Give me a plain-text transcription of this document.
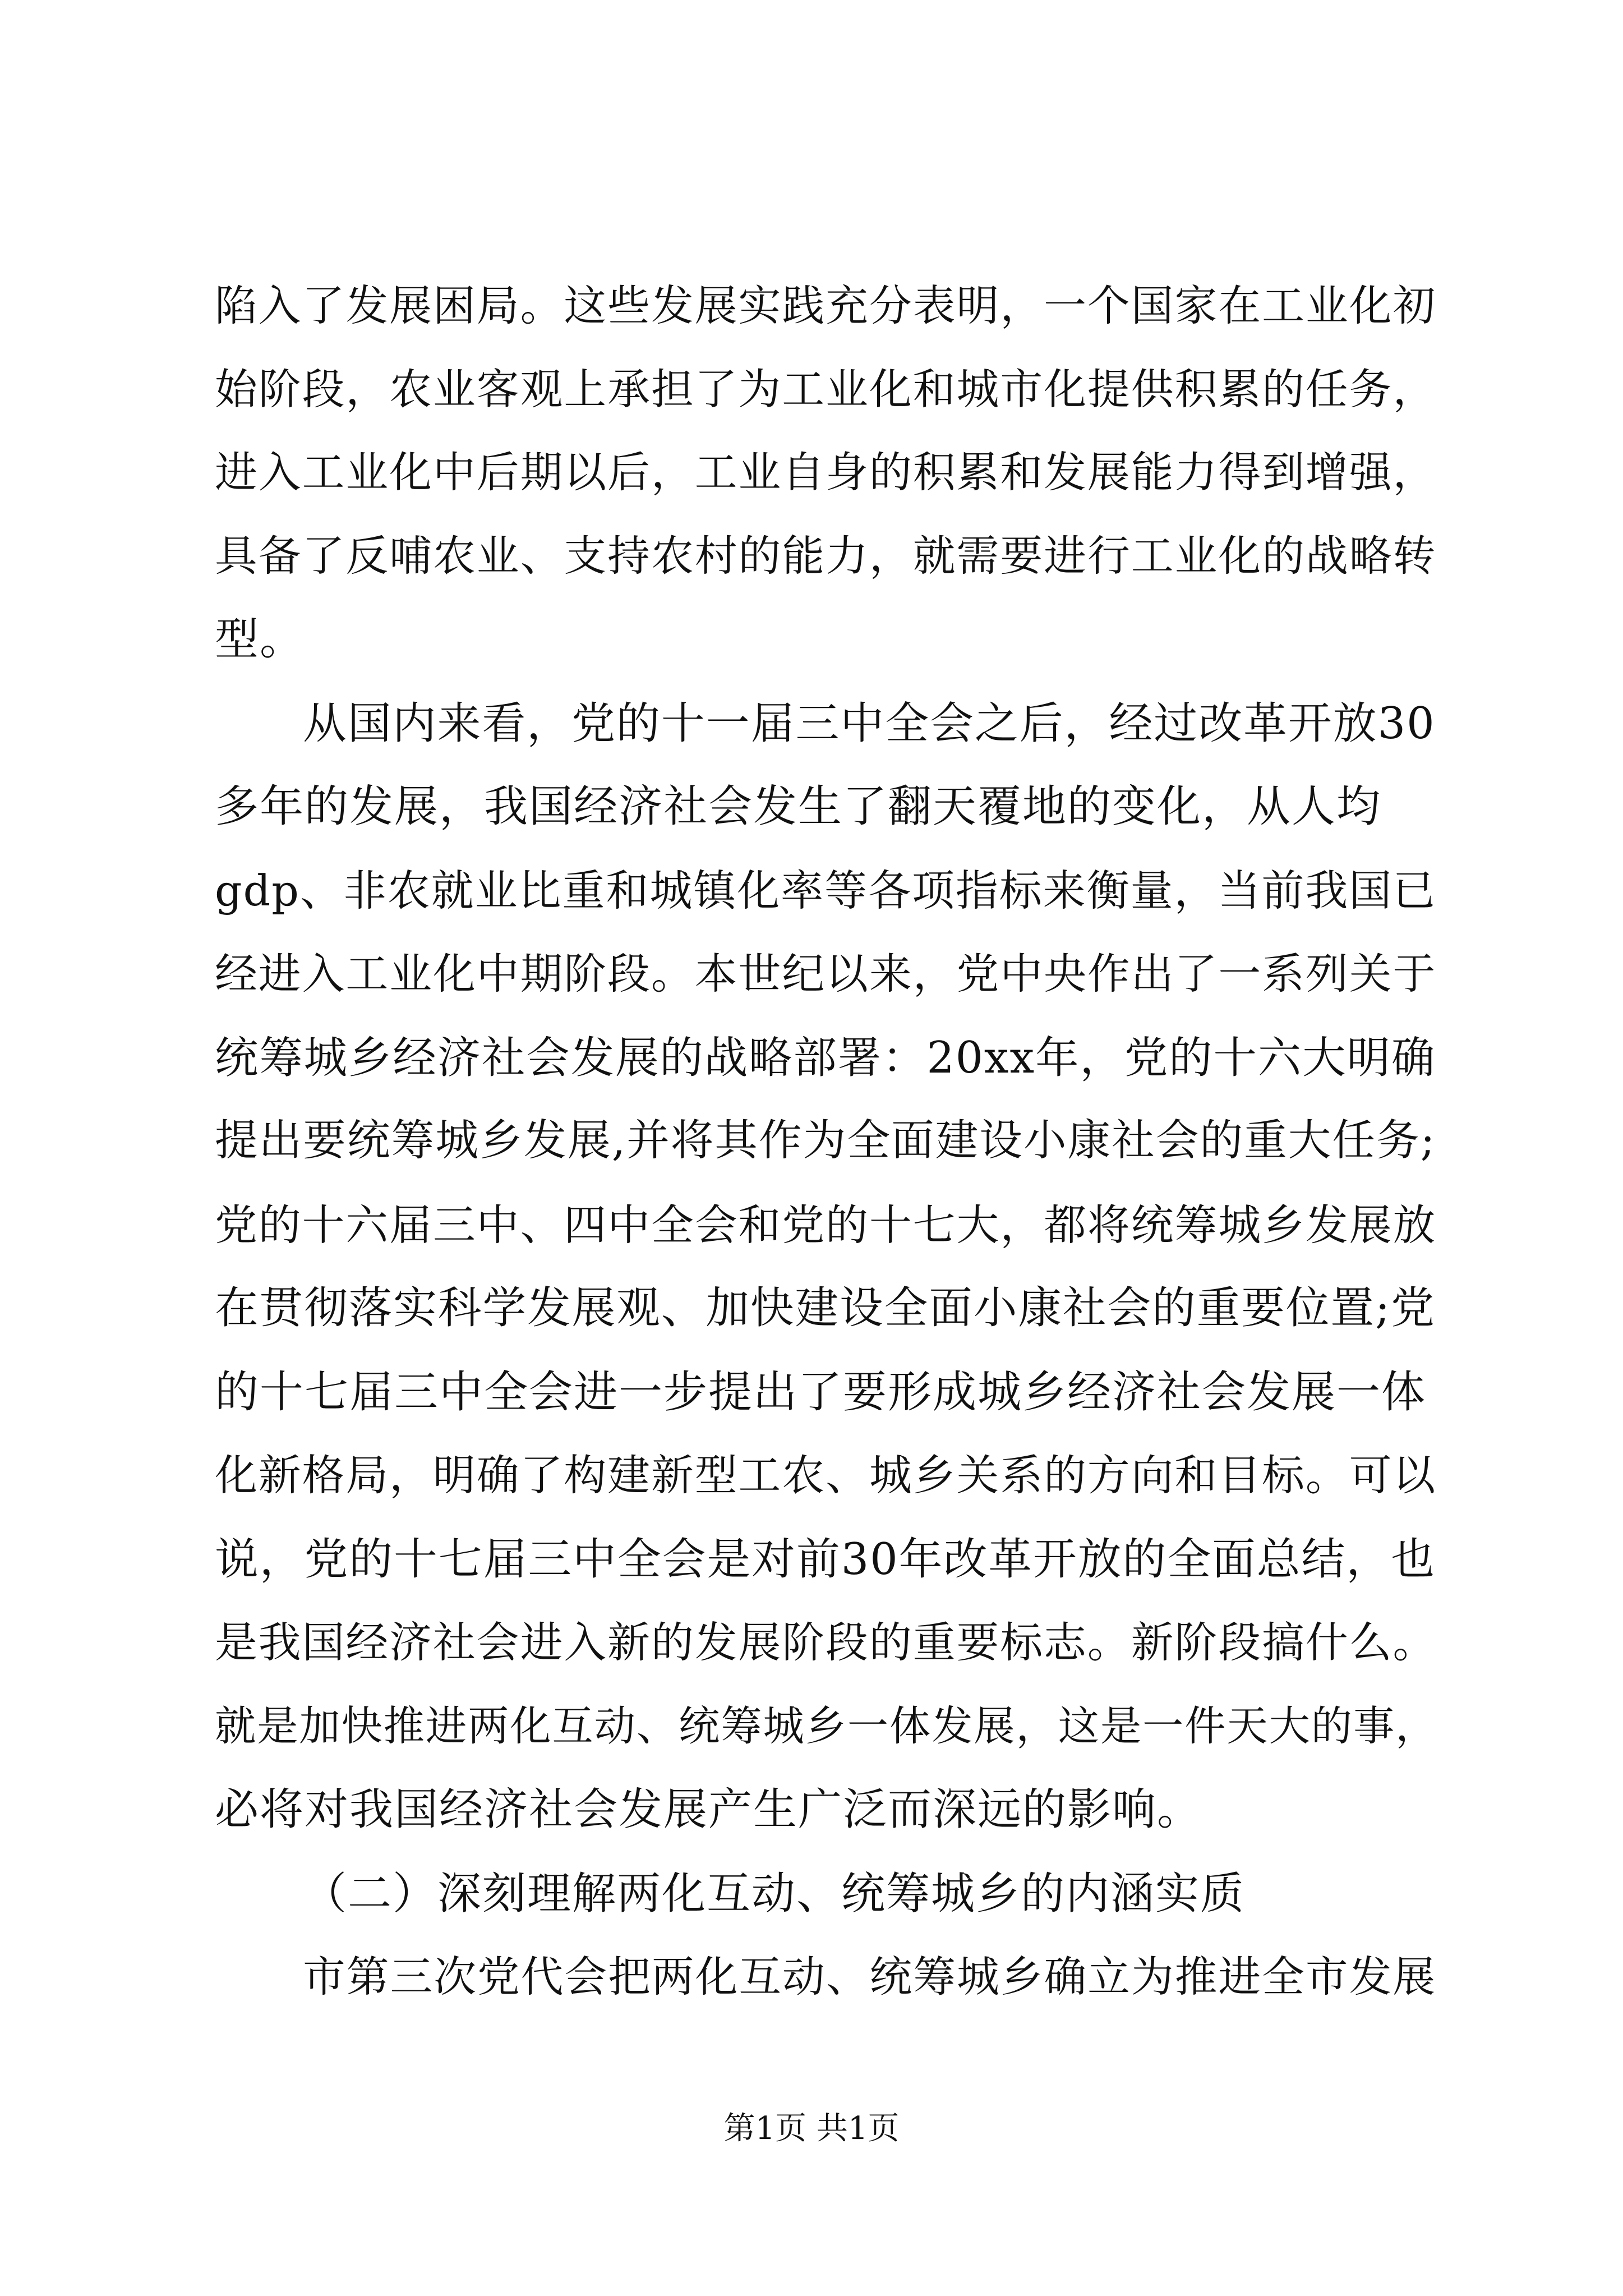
陷入了发展困局。这些发展实践充分表明，一个国家在工业化初
始阶段，农业客观上承担了为工业化和城市化提供积累的任务，
进入工业化中后期以后，工业自身的积累和发展能力得到增强，
具备了反哺农业、支持农村的能力，就需要进行工业化的战略转
型。
从国内来看，党的十一届三中全会之后，经过改革开放30
多年的发展，我国经济社会发生了翻天覆地的变化，从人均
gdp、非农就业比重和城镇化率等各项指标来衡量，当前我国已
经进入工业化中期阶段。本世纪以来，党中央作出了一系列关于
统筹城乡经济社会发展的战略部署：20xx年，党的十六大明确
提出要统筹城乡发展,并将其作为全面建设小康社会的重大任务;
党的十六届三中、四中全会和党的十七大，都将统筹城乡发展放
在贯彻落实科学发展观、加快建设全面小康社会的重要位置;党
的十七届三中全会进一步提出了要形成城乡经济社会发展一体
化新格局，明确了构建新型工农、城乡关系的方向和目标。可以
说，党的十七届三中全会是对前30年改革开放的全面总结，也
是我国经济社会进入新的发展阶段的重要标志。新阶段搞什么。
就是加快推进两化互动、统筹城乡一体发展，这是一件天大的事，
必将对我国经济社会发展产生广泛而深远的影响。
（二）深刻理解两化互动、统筹城乡的内涵实质
市第三次党代会把两化互动、统筹城乡确立为推进全市发展
第1页 共1页
